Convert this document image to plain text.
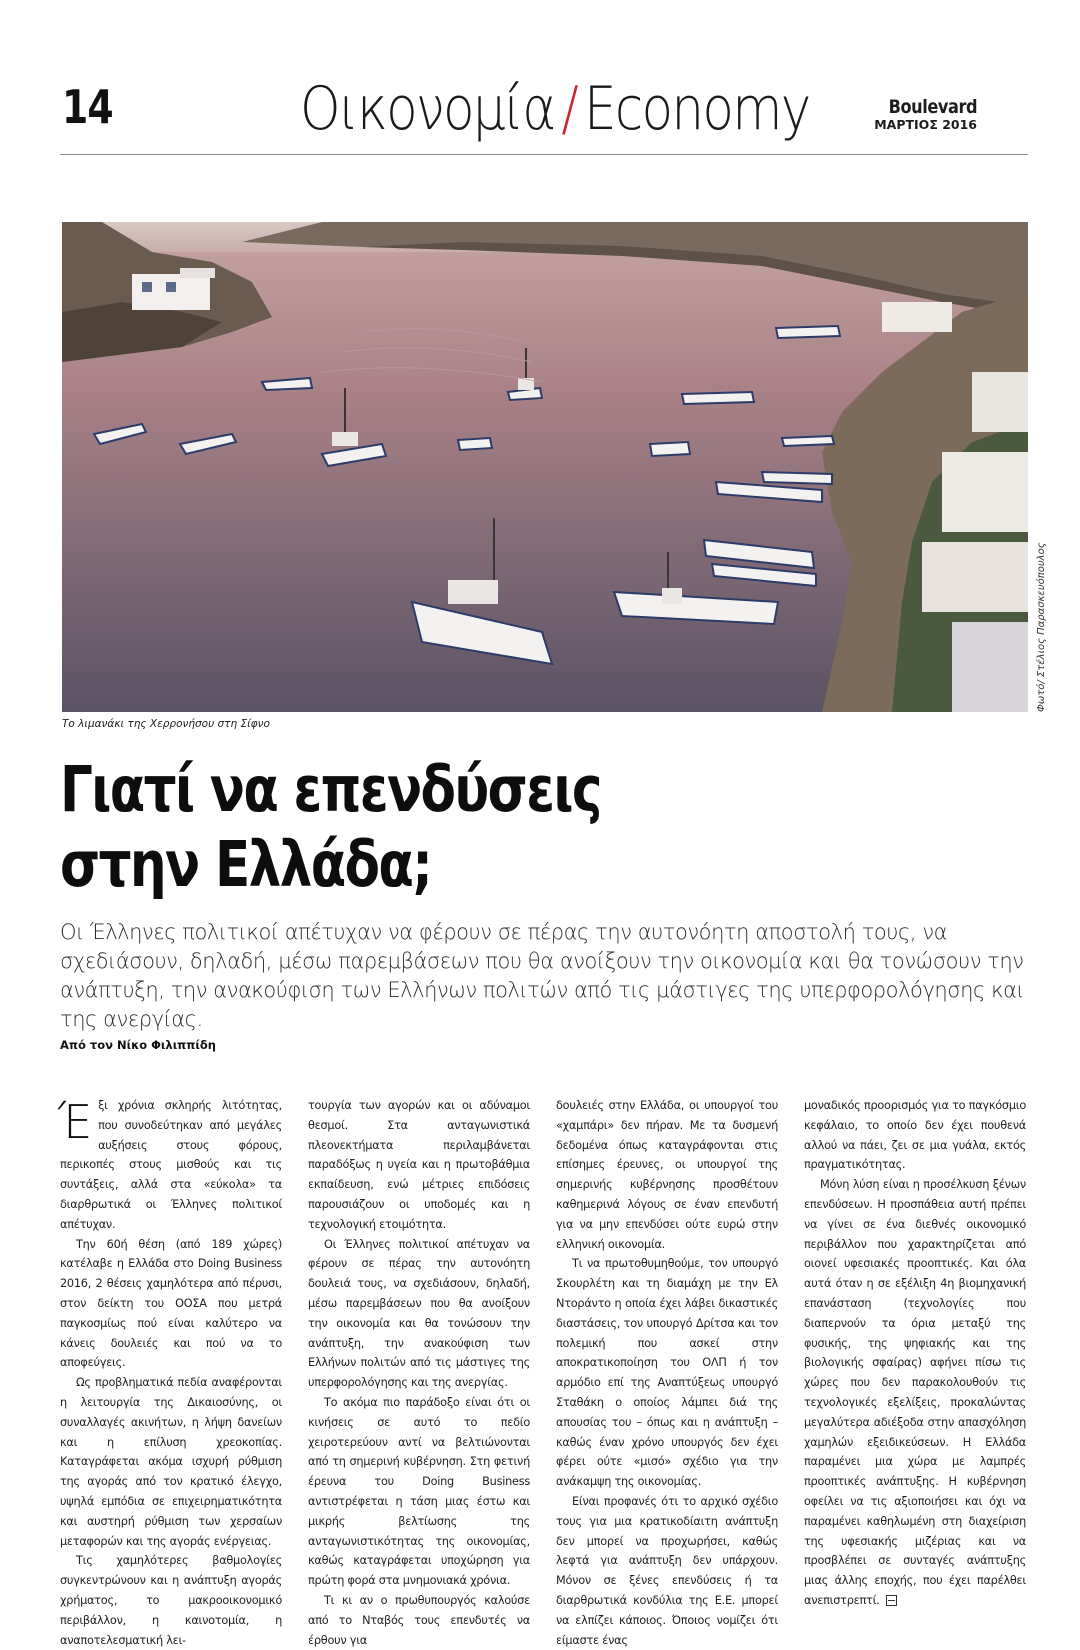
14	Οικονομία / Economy	Boulevard
ΜΑΡΤΙΟΣ 2016
Φωτό/ Στέλιος Παρασκευόπουλος
Το λιμανάκι της Χερρονήσου στη Σίφνο
Γιατί να επενδύσεις
στην Ελλάδα;
Οι Έλληνες πολιτικοί απέτυχαν να φέρουν σε πέρας την αυτονόητη αποστολή τους, να σχεδιάσουν, δηλαδή, μέσω παρεμβάσεων που θα ανοίξουν την οικονομία και θα τονώσουν την ανάπτυξη, την ανακούφιση των Ελλήνων πολιτών από τις μάστιγες της υπερφορολόγησης και της ανεργίας.
Από τον Νίκο Φιλιππίδη

Έξι χρόνια σκληρής λιτότητας, που συνοδεύτηκαν από μεγάλες αυξήσεις στους φόρους, περικοπές στους μισθούς και τις συντάξεις, αλλά στα «εύκολα» τα διαρθρωτικά οι Έλληνες πολιτικοί απέτυχαν.

Την 60ή θέση (από 189 χώρες) κατέλαβε η Ελλάδα στο Doing Business 2016, 2 θέσεις χαμηλότερα από πέρυσι, στον δείκτη του ΟΟΣΑ που μετρά παγκοσμίως πού είναι καλύτερο να κάνεις δουλειές και πού να το αποφεύγεις.

Ως προβληματικά πεδία αναφέρονται η λειτουργία της Δικαιοσύνης, οι συναλλαγές ακινήτων, η λήψη δανείων και η επίλυση χρεοκοπίας. Καταγράφεται ακόμα ισχυρή ρύθμιση της αγοράς από τον κρατικό έλεγχο, υψηλά εμπόδια σε επιχειρηματικότητα και αυστηρή ρύθμιση των χερσαίων μεταφορών και της αγοράς ενέργειας.

Τις χαμηλότερες βαθμολογίες συγκεντρώνουν και η ανάπτυξη αγοράς χρήματος, το μακροοικονομικό περιβάλλον, η καινοτομία, η αναποτελεσματική λει-

τουργία των αγορών και οι αδύναμοι θεσμοί. Στα ανταγωνιστικά πλεονεκτήματα περιλαμβάνεται παραδόξως η υγεία και η πρωτοβάθμια εκπαίδευση, ενώ μέτριες επιδόσεις παρουσιάζουν οι υποδομές και η τεχνολογική ετοιμότητα.

Οι Έλληνες πολιτικοί απέτυχαν να φέρουν σε πέρας την αυτονόητη δουλειά τους, να σχεδιάσουν, δηλαδή, μέσω παρεμβάσεων που θα ανοίξουν την οικονομία και θα τονώσουν την ανάπτυξη, την ανακούφιση των Ελλήνων πολιτών από τις μάστιγες της υπερφορολόγησης και της ανεργίας.

Το ακόμα πιο παράδοξο είναι ότι οι κινήσεις σε αυτό το πεδίο χειροτερεύουν αντί να βελτιώνονται από τη σημερινή κυβέρνηση. Στη φετινή έρευνα του Doing Business αντιστρέφεται η τάση μιας έστω και μικρής βελτίωσης της ανταγωνιστικότητας της οικονομίας, καθώς καταγράφεται υποχώρηση για πρώτη φορά στα μνημονιακά χρόνια.

Τι κι αν ο πρωθυπουργός καλούσε από το Νταβός τους επενδυτές να έρθουν για

δουλειές στην Ελλάδα, οι υπουργοί του «χαμπάρι» δεν πήραν. Με τα δυσμενή δεδομένα όπως καταγράφονται στις επίσημες έρευνες, οι υπουργοί της σημερινής κυβέρνησης προσθέτουν καθημερινά λόγους σε έναν επενδυτή για να μην επενδύσει ούτε ευρώ στην ελληνική οικονομία.

Τι να πρωτοθυμηθούμε, τον υπουργό Σκουρλέτη και τη διαμάχη με την Ελ Ντοράντο η οποία έχει λάβει δικαστικές διαστάσεις, τον υπουργό Δρίτσα και τον πολεμική που ασκεί στην αποκρατικοποίηση του ΟΛΠ ή τον αρμόδιο επί της Αναπτύξεως υπουργό Σταθάκη ο οποίος λάμπει διά της απουσίας του – όπως και η ανάπτυξη – καθώς έναν χρόνο υπουργός δεν έχει φέρει ούτε «μισό» σχέδιο για την ανάκαμψη της οικονομίας.

Είναι προφανές ότι το αρχικό σχέδιο τους για μια κρατικοδίαιτη ανάπτυξη δεν μπορεί να προχωρήσει, καθώς λεφτά για ανάπτυξη δεν υπάρχουν. Μόνον σε ξένες επενδύσεις ή τα διαρθρωτικά κονδύλια της Ε.Ε. μπορεί να ελπίζει κάποιος. Όποιος νομίζει ότι είμαστε ένας

μοναδικός προορισμός για το παγκόσμιο κεφάλαιο, το οποίο δεν έχει πουθενά αλλού να πάει, ζει σε μια γυάλα, εκτός πραγματικότητας.

Μόνη λύση είναι η προσέλκυση ξένων επενδύσεων. Η προσπάθεια αυτή πρέπει να γίνει σε ένα διεθνές οικονομικό περιβάλλον που χαρακτηρίζεται από οιονεί υφεσιακές προοπτικές. Και όλα αυτά όταν η σε εξέλιξη 4η βιομηχανική επανάσταση (τεχνολογίες που διαπερνούν τα όρια μεταξύ της φυσικής, της ψηφιακής και της βιολογικής σφαίρας) αφήνει πίσω τις χώρες που δεν παρακολουθούν τις τεχνολογικές εξελίξεις, προκαλώντας μεγαλύτερα αδιέξοδα στην απασχόληση χαμηλών εξειδικεύσεων. Η Ελλάδα παραμένει μια χώρα με λαμπρές προοπτικές ανάπτυξης. Η κυβέρνηση οφείλει να τις αξιοποιήσει και όχι να παραμένει καθηλωμένη στη διαχείριση της υφεσιακής μιζέριας και να προσβλέπει σε συνταγές ανάπτυξης μιας άλλης εποχής, που έχει παρέλθει ανεπιστρεπτί.
